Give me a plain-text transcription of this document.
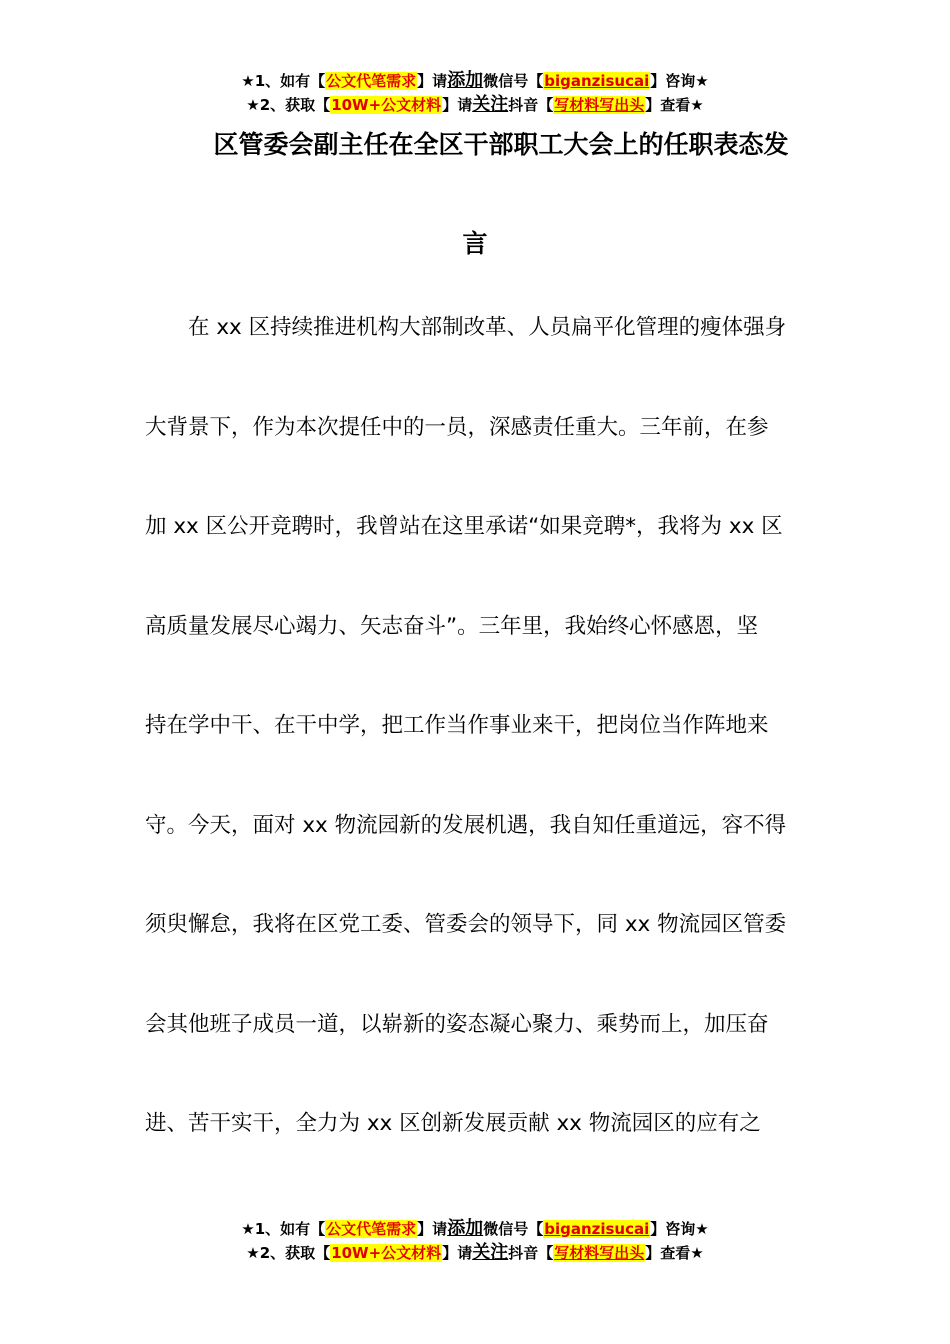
★1、如有【公文代笔需求】请添加微信号【biganzisucai】咨询★
★2、获取【10W+公文材料】请关注抖音【写材料写出头】查看★
区管委会副主任在全区干部职工大会上的任职表态发
言
在 xx 区持续推进机构大部制改革、人员扁平化管理的瘦体强身
大背景下，作为本次提任中的一员，深感责任重大。三年前，在参
加 xx 区公开竞聘时，我曾站在这里承诺“如果竞聘*，我将为 xx 区
高质量发展尽心竭力、矢志奋斗”。三年里，我始终心怀感恩，坚
持在学中干、在干中学，把工作当作事业来干，把岗位当作阵地来
守。今天，面对 xx 物流园新的发展机遇，我自知任重道远，容不得
须臾懈怠，我将在区党工委、管委会的领导下，同 xx 物流园区管委
会其他班子成员一道，以崭新的姿态凝心聚力、乘势而上，加压奋
进、苦干实干，全力为 xx 区创新发展贡献 xx 物流园区的应有之
★1、如有【公文代笔需求】请添加微信号【biganzisucai】咨询★
★2、获取【10W+公文材料】请关注抖音【写材料写出头】查看★
